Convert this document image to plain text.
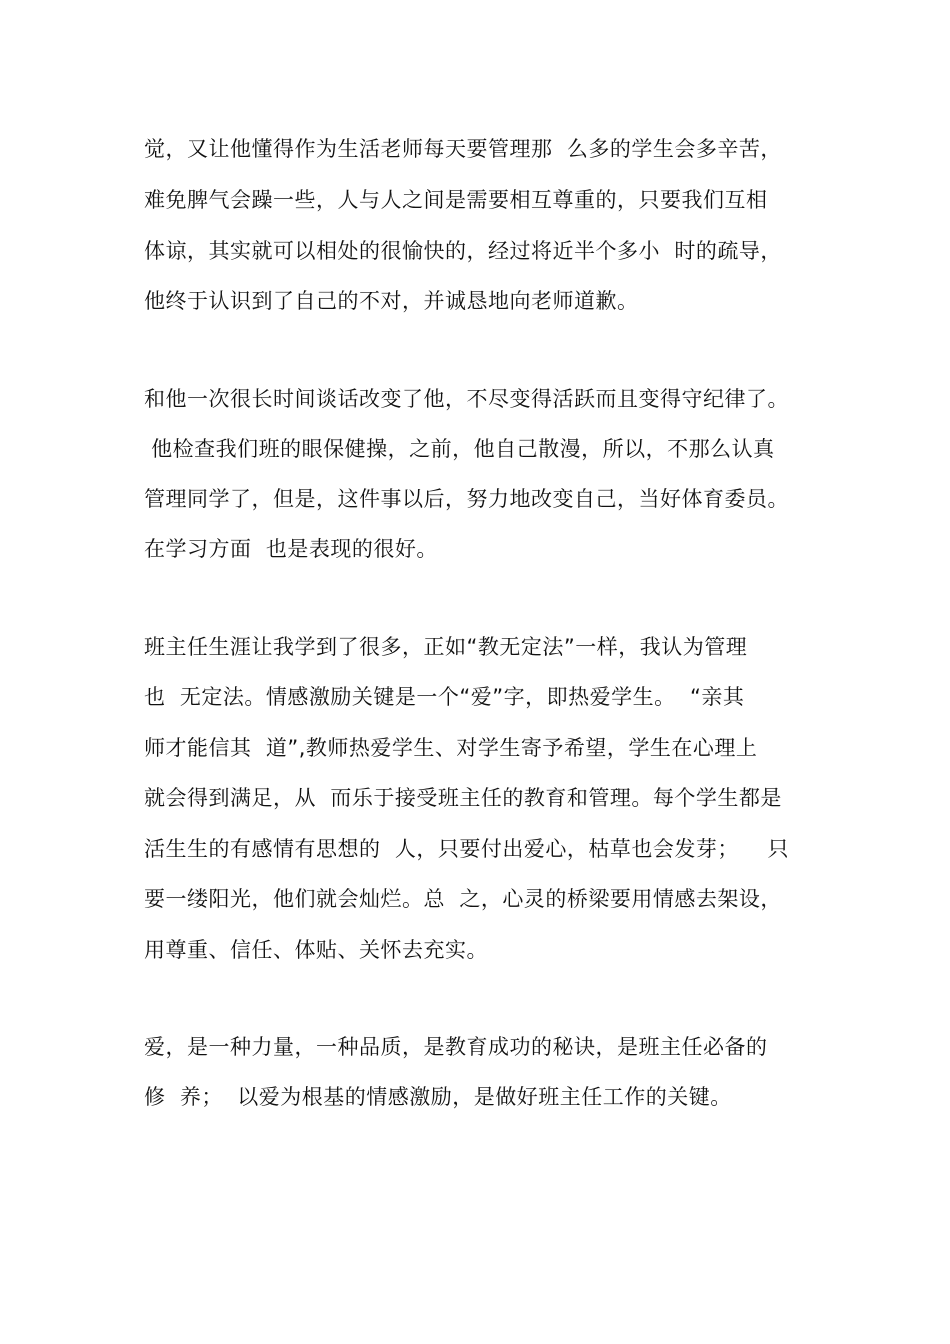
觉，又让他懂得作为生活老师每天要管理那  么多的学生会多辛苦，
难免脾气会躁一些，人与人之间是需要相互尊重的，只要我们互相
体谅，其实就可以相处的很愉快的，经过将近半个多小  时的疏导，
他终于认识到了自己的不对，并诚恳地向老师道歉。
和他一次很长时间谈话改变了他，不尽变得活跃而且变得守纪律了。
他检查我们班的眼保健操，之前，他自己散漫，所以，不那么认真
管理同学了，但是，这件事以后，努力地改变自己，当好体育委员。
在学习方面  也是表现的很好。
班主任生涯让我学到了很多，正如“教无定法”一样，我认为管理
也  无定法。情感激励关键是一个“爱”字，即热爱学生。  “亲其
师才能信其  道”,教师热爱学生、对学生寄予希望，学生在心理上
就会得到满足，从  而乐于接受班主任的教育和管理。每个学生都是
活生生的有感情有思想的  人，只要付出爱心，枯草也会发芽；    只
要一缕阳光，他们就会灿烂。总  之，心灵的桥梁要用情感去架设，
用尊重、信任、体贴、关怀去充实。
爱，是一种力量，一种品质，是教育成功的秘诀，是班主任必备的
修  养；  以爱为根基的情感激励，是做好班主任工作的关键。
